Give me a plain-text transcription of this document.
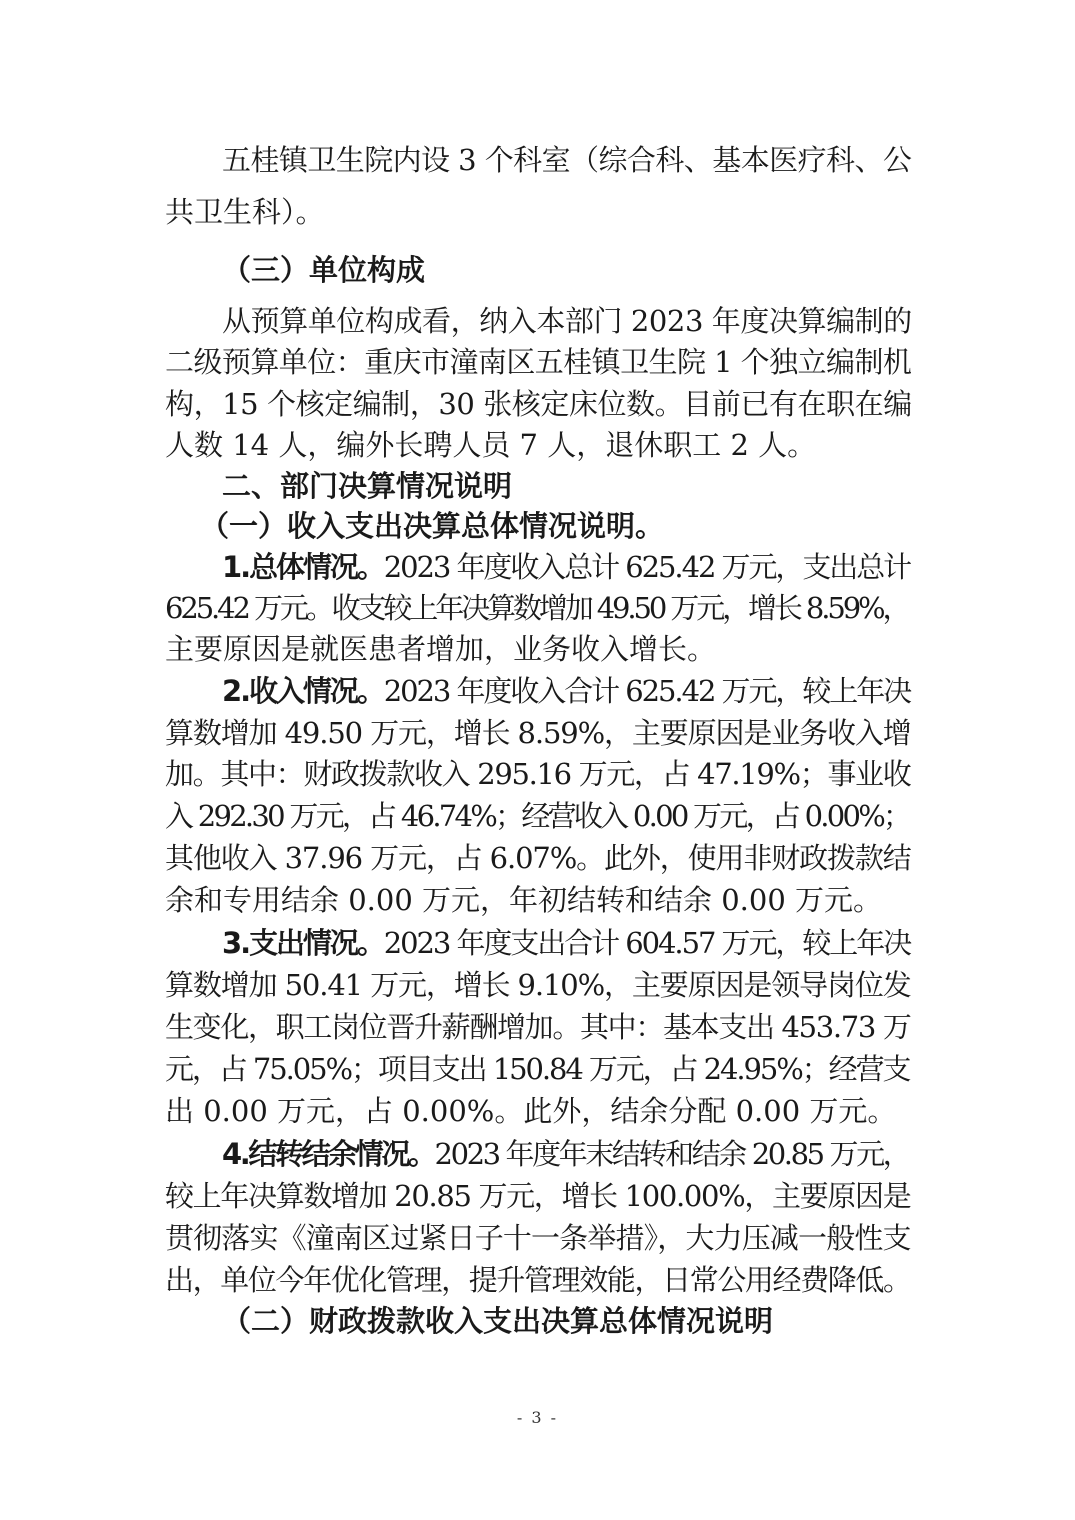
五桂镇卫生院内设 3 个科室（综合科、基本医疗科、公
共卫生科）。
（三）单位构成
从预算单位构成看，纳入本部门 2023 年度决算编制的
二级预算单位：重庆市潼南区五桂镇卫生院 1 个独立编制机
构，15 个核定编制，30 张核定床位数。目前已有在职在编
人数 14 人，编外长聘人员 7 人，退休职工 2 人。
二、部门决算情况说明
（一）收入支出决算总体情况说明。
1.总体情况。2023 年度收入总计 625.42 万元，支出总计
625.42 万元。收支较上年决算数增加 49.50 万元，增长 8.59%，
主要原因是就医患者增加，业务收入增长。
2.收入情况。2023 年度收入合计 625.42 万元，较上年决
算数增加 49.50 万元，增长 8.59%，主要原因是业务收入增
加。其中：财政拨款收入 295.16 万元，占 47.19%；事业收
入 292.30 万元，占 46.74%；经营收入 0.00 万元，占 0.00%；
其他收入 37.96 万元，占 6.07%。此外，使用非财政拨款结
余和专用结余 0.00 万元，年初结转和结余 0.00 万元。
3.支出情况。2023 年度支出合计 604.57 万元，较上年决
算数增加 50.41 万元，增长 9.10%，主要原因是领导岗位发
生变化，职工岗位晋升薪酬增加。其中：基本支出 453.73 万
元，占 75.05%；项目支出 150.84 万元，占 24.95%；经营支
出 0.00 万元，占 0.00%。此外，结余分配 0.00 万元。
4.结转结余情况。2023 年度年末结转和结余 20.85 万元，
较上年决算数增加 20.85 万元，增长 100.00%，主要原因是
贯彻落实《潼南区过紧日子十一条举措》，大力压减一般性支
出，单位今年优化管理，提升管理效能，日常公用经费降低。
（二）财政拨款收入支出决算总体情况说明
- 3 -
